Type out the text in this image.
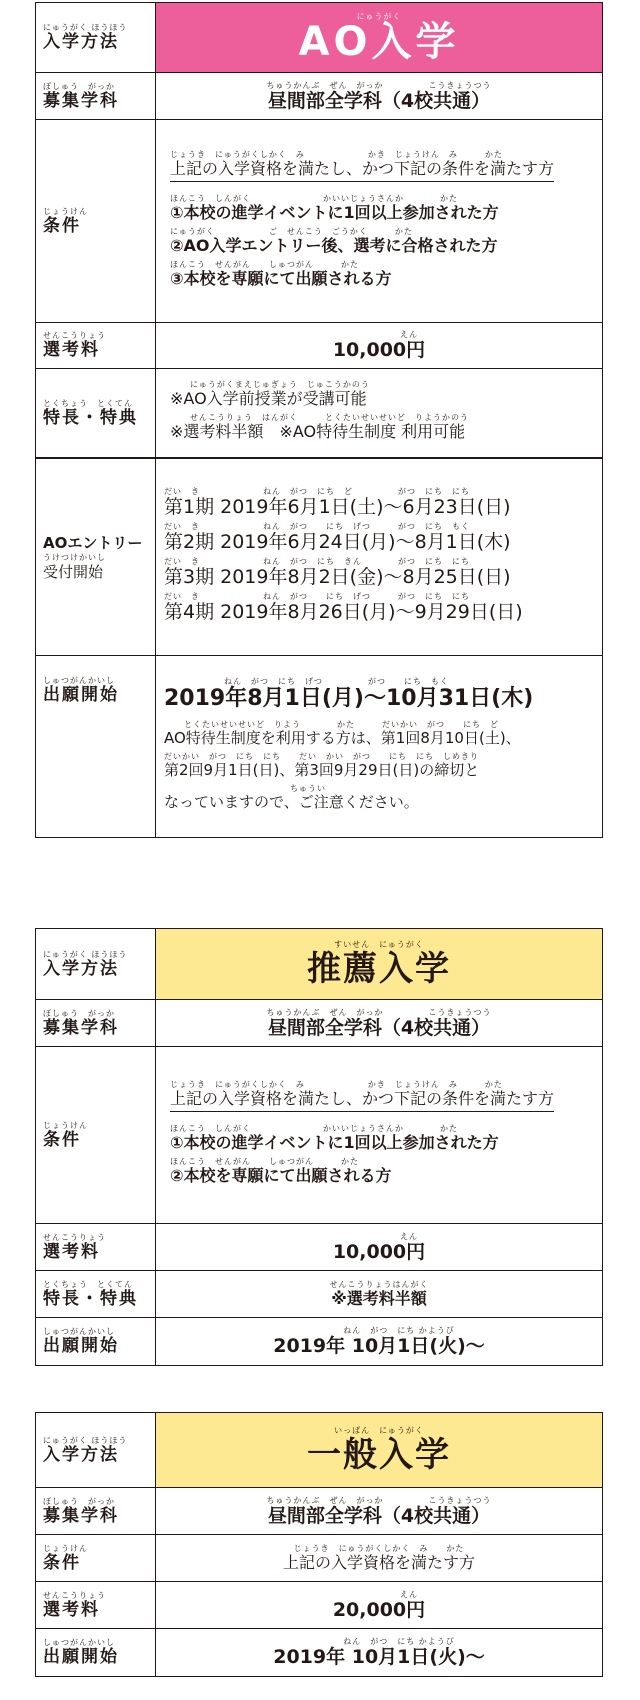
にゅうがく ほうほう
入学方法
にゅうがく
AO入学
ぼしゅう　がっか
募集学科
ちゅうかんぶ　ぜん　がっか　　　　　こうきょうつう
昼間部全学科（4校共通）
じょうけん
条件
じょうき　にゅうがくしかく　み　　　　　　　かき　じょうけん　み　　　かた
上記の入学資格を満たし、かつ下記の条件を満たす方
ほんこう　しんがく　　　　　　　　かいいじょうさんか　　　　かた
①本校の進学イベントに1回以上参加された方
にゅうがく　　　　　　ご　せんこう　ごうかく　　　かた
②AO入学エントリー後、選考に合格された方
ほんこう　せんがん　　しゅつがん　　　かた
③本校を専願にて出願される方
せんこうりょう
選考料
えん
10,000円
とくちょう　とくてん
特長・特典
にゅうがくまえじゅぎょう　じゅこうかのう
※AO入学前授業が受講可能
せんこうりょう　はんがく　　　とくたいせいせいど　りようかのう
※選考料半額　※AO特待生制度 利用可能
AOエントリー
うけつけかいし
受付開始
だい　き　　　　　　　ねん　がつ　にち　ど　　　　　がつ　にち　にち
第1期 2019年6月1日(土)～6月23日(日)
だい　き　　　　　　　ねん　がつ　　にち　げつ　　　がつ　にち　もく
第2期 2019年6月24日(月)～8月1日(木)
だい　き　　　　　　　ねん　がつ　にち　きん　　　　がつ　にち　にち
第3期 2019年8月2日(金)～8月25日(日)
だい　き　　　　　　　ねん　がつ　　にち　げつ　　　がつ　にち　にち
第4期 2019年8月26日(月)～9月29日(日)
しゅつがんかいし
出願開始
ねん　がつ　にち　げつ　　　　　がつ　　にち　もく
2019年8月1日(月)～10月31日(木)
とくたいせいせいど　りよう　　　　かた　　　だいかい　がつ　　にち　ど
AO特待生制度を利用する方は、第1回8月10日(土)、
だいかい　がつ　にち　にち　　だい　かい　がつ　　にち　にち　しめきり
第2回9月1日(日)、第3回9月29日(日)の締切と
　　　　　　　　　　　　　　ちゅうい
なっていますので、ご注意ください。
にゅうがく ほうほう
入学方法
すいせん　にゅうがく
推薦入学
ぼしゅう　がっか
募集学科
ちゅうかんぶ　ぜん　がっか　　　　　こうきょうつう
昼間部全学科（4校共通）
じょうけん
条件
じょうき　にゅうがくしかく　み　　　　　　　かき　じょうけん　み　　　かた
上記の入学資格を満たし、かつ下記の条件を満たす方
ほんこう　しんがく　　　　　　　　かいいじょうさんか　　　　かた
①本校の進学イベントに1回以上参加された方
ほんこう　せんがん　　しゅつがん　　　かた
②本校を専願にて出願される方
せんこうりょう
選考料
えん
10,000円
とくちょう　とくてん
特長・特典
せんこうりょうはんがく
※選考料半額
しゅつがんかいし
出願開始
ねん　がつ　にち かようび
2019年 10月1日(火)～
にゅうがく ほうほう
入学方法
いっぱん　にゅうがく
一般入学
ぼしゅう　がっか
募集学科
ちゅうかんぶ　ぜん　がっか　　　　　こうきょうつう
昼間部全学科（4校共通）
じょうけん
条件
じょうき　にゅうがくしかく　み　　かた
上記の入学資格を満たす方
せんこうりょう
選考料
えん
20,000円
しゅつがんかいし
出願開始
ねん　がつ　にち かようび
2019年 10月1日(火)～
